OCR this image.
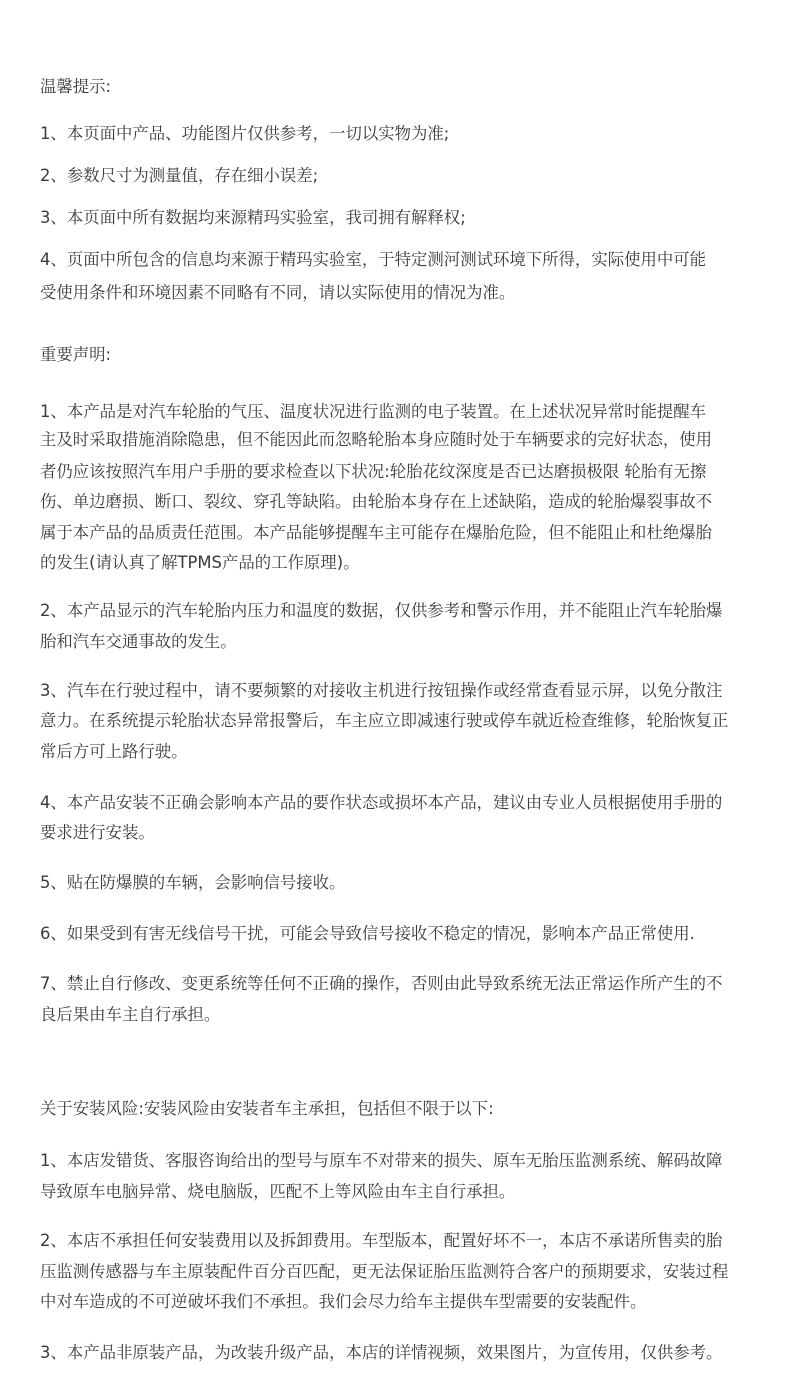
温馨提示:
1、本页面中产品、功能图片仅供参考，一切以实物为准;
2、参数尺寸为测量值，存在细小误差;
3、本页面中所有数据均来源精玛实验室，我司拥有解释权;
4、页面中所包含的信息均来源于精玛实验室，于特定测河测试环境下所得，实际使用中可能
受使用条件和环境因素不同略有不同，请以实际使用的情况为准。
重要声明:
1、本产品是对汽车轮胎的气压、温度状况进行监测的电子装置。在上述状况异常时能提醒车
主及时采取措施消除隐患，但不能因此而忽略轮胎本身应随时处于车辆要求的完好状态，使用
者仍应该按照汽车用户手册的要求检查以下状况:轮胎花纹深度是否已达磨损极限 轮胎有无擦
伤、单边磨损、断口、裂纹、穿孔等缺陷。由轮胎本身存在上述缺陷，造成的轮胎爆裂事故不
属于本产品的品质责任范围。本产品能够提醒车主可能存在爆胎危险，但不能阻止和杜绝爆胎
的发生(请认真了解TPMS产品的工作原理)。
2、本产品显示的汽车轮胎内压力和温度的数据，仅供参考和警示作用，并不能阻止汽车轮胎爆
胎和汽车交通事故的发生。
3、汽车在行驶过程中，请不要频繁的对接收主机进行按钮操作或经常查看显示屏，以免分散注
意力。在系统提示轮胎状态异常报警后，车主应立即减速行驶或停车就近检查维修，轮胎恢复正
常后方可上路行驶。
4、本产品安装不正确会影响本产品的要作状态或损坏本产品，建议由专业人员根据使用手册的
要求进行安装。
5、贴在防爆膜的车辆，会影响信号接收。
6、如果受到有害无线信号干扰，可能会导致信号接收不稳定的情况，影响本产品正常使用.
7、禁止自行修改、变更系统等任何不正确的操作，否则由此导致系统无法正常运作所产生的不
良后果由车主自行承担。
关于安装风险:安装风险由安装者车主承担，包括但不限于以下:
1、本店发错货、客服咨询给出的型号与原车不对带来的损失、原车无胎压监测系统、解码故障
导致原车电脑异常、烧电脑版，匹配不上等风险由车主自行承担。
2、本店不承担任何安装费用以及拆卸费用。车型版本，配置好坏不一，本店不承诺所售卖的胎
压监测传感器与车主原装配件百分百匹配，更无法保证胎压监测符合客户的预期要求，安装过程
中对车造成的不可逆破坏我们不承担。我们会尽力给车主提供车型需要的安装配件。
3、本产品非原装产品，为改装升级产品，本店的详情视频，效果图片，为宣传用，仅供参考。
